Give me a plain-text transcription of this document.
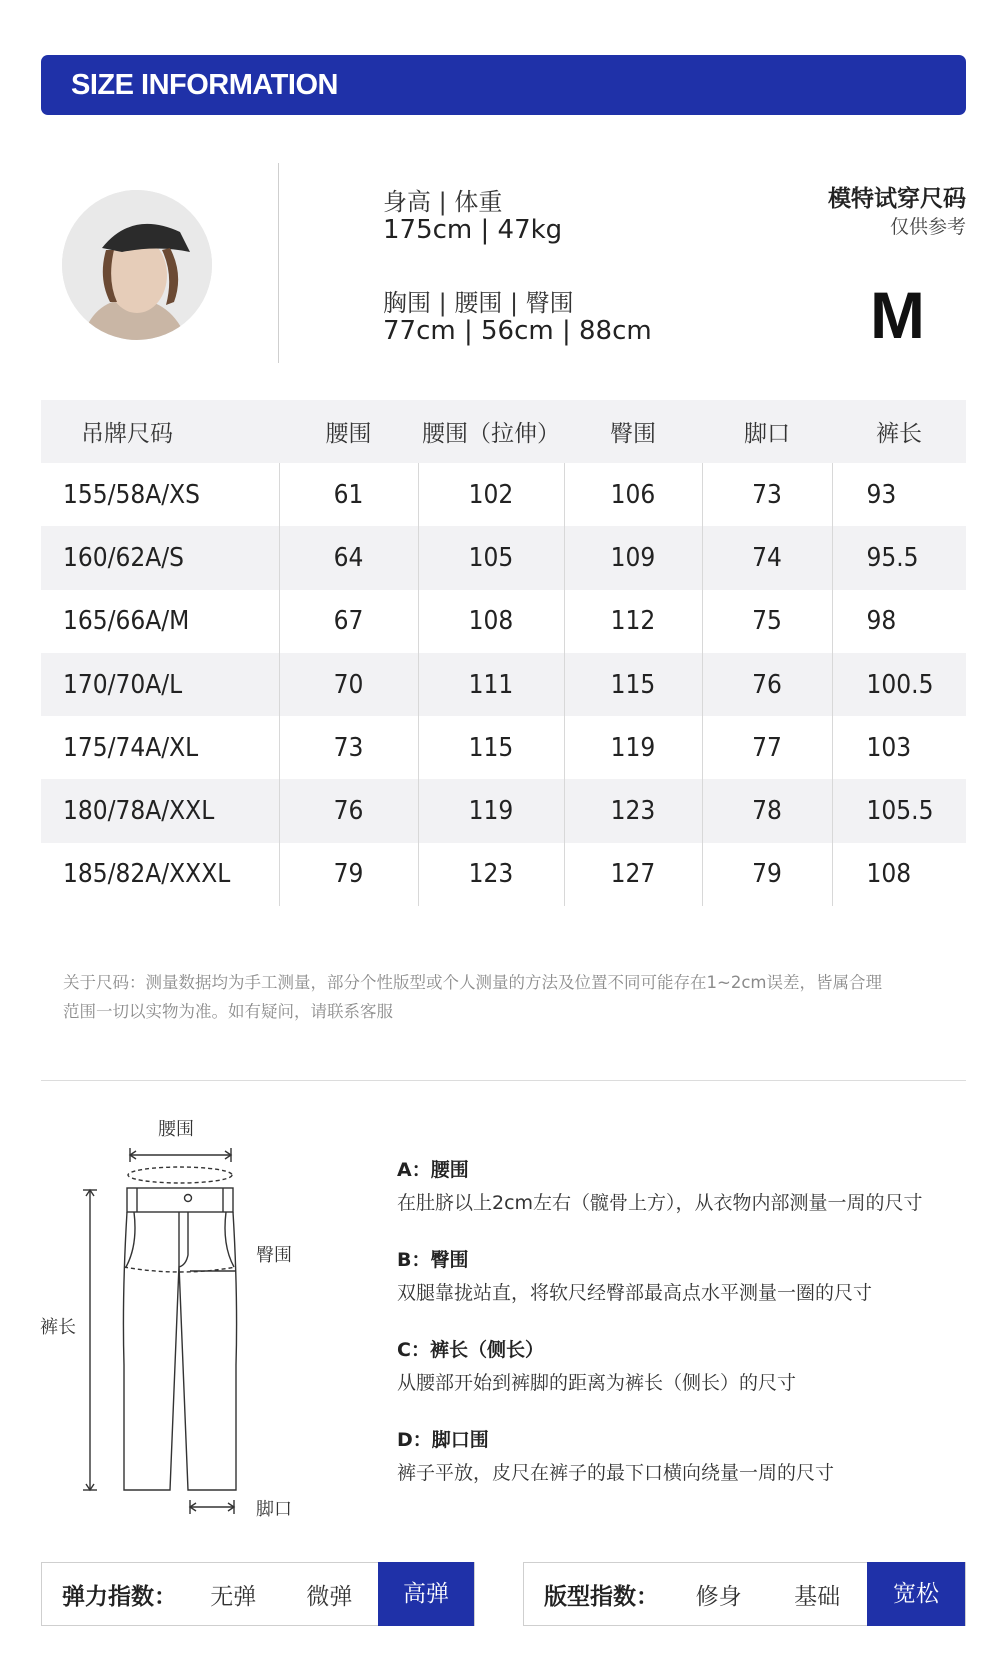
SIZE INFORMATION
身高 | 体重
175cm | 47kg
胸围 | 腰围 | 臀围
77cm | 56cm | 88cm
模特试穿尺码
仅供参考
M
吊牌尺码	腰围	腰围（拉伸）	臀围	脚口	裤长
155/58A/XS	61	102	106	73	93
160/62A/S	64	105	109	74	95.5
165/66A/M	67	108	112	75	98
170/70A/L	70	111	115	76	100.5
175/74A/XL	73	115	119	77	103
180/78A/XXL	76	119	123	78	105.5
185/82A/XXXL	79	123	127	79	108
关于尺码：测量数据均为手工测量，部分个性版型或个人测量的方法及位置不同可能存在1~2cm误差，皆属合理
范围一切以实物为准。如有疑问，请联系客服
腰围
臀围
裤长
脚口
A：腰围
在肚脐以上2cm左右（髋骨上方），从衣物内部测量一周的尺寸
B：臀围
双腿靠拢站直，将软尺经臀部最高点水平测量一圈的尺寸
C：裤长（侧长）
从腰部开始到裤脚的距离为裤长（侧长）的尺寸
D：脚口围
裤子平放，皮尺在裤子的最下口横向绕量一周的尺寸
弹力指数：	无弹	微弹	高弹	版型指数：	修身	基础	宽松
